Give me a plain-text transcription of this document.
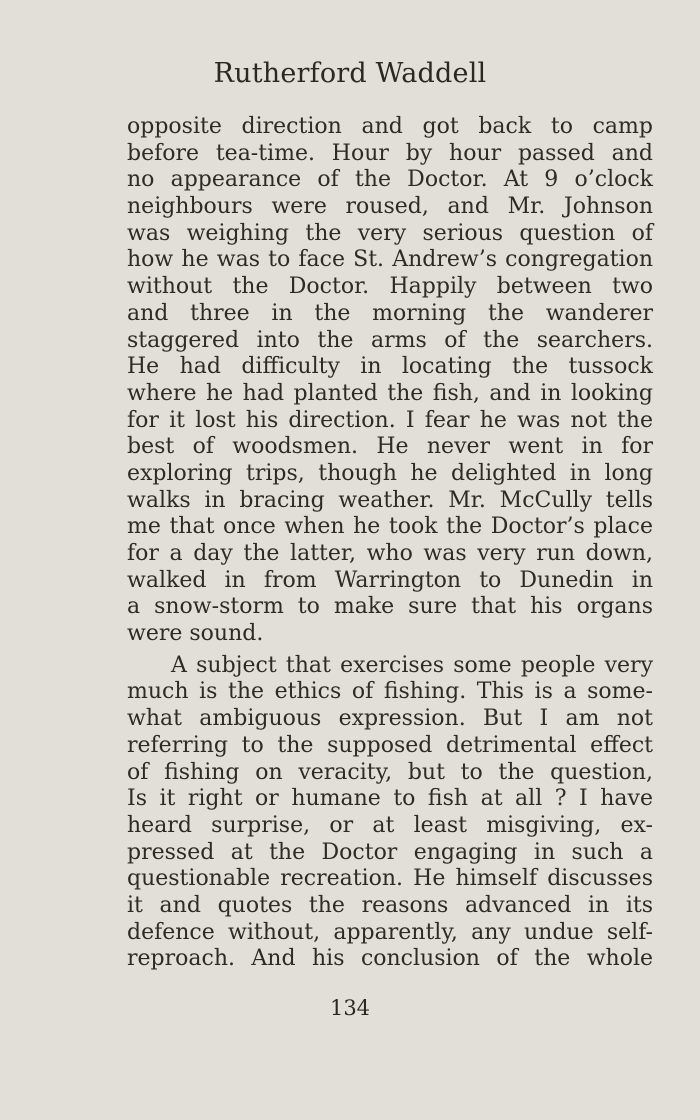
Rutherford Waddell
opposite direction and got back to camp
before tea-time. Hour by hour passed and
no appearance of the Doctor. At 9 o’clock
neighbours were roused, and Mr. Johnson
was weighing the very serious question of
how he was to face St. Andrew’s congregation
without the Doctor. Happily between two
and three in the morning the wanderer
staggered into the arms of the searchers.
He had difficulty in locating the tussock
where he had planted the fish, and in looking
for it lost his direction. I fear he was not the
best of woodsmen. He never went in for
exploring trips, though he delighted in long
walks in bracing weather. Mr. McCully tells
me that once when he took the Doctor’s place
for a day the latter, who was very run down,
walked in from Warrington to Dunedin in
a snow-storm to make sure that his organs
were sound.
A subject that exercises some people very
much is the ethics of fishing. This is a some-
what ambiguous expression. But I am not
referring to the supposed detrimental effect
of fishing on veracity, but to the question,
Is it right or humane to fish at all ? I have
heard surprise, or at least misgiving, ex-
pressed at the Doctor engaging in such a
questionable recreation. He himself discusses
it and quotes the reasons advanced in its
defence without, apparently, any undue self-
reproach. And his conclusion of the whole
134
